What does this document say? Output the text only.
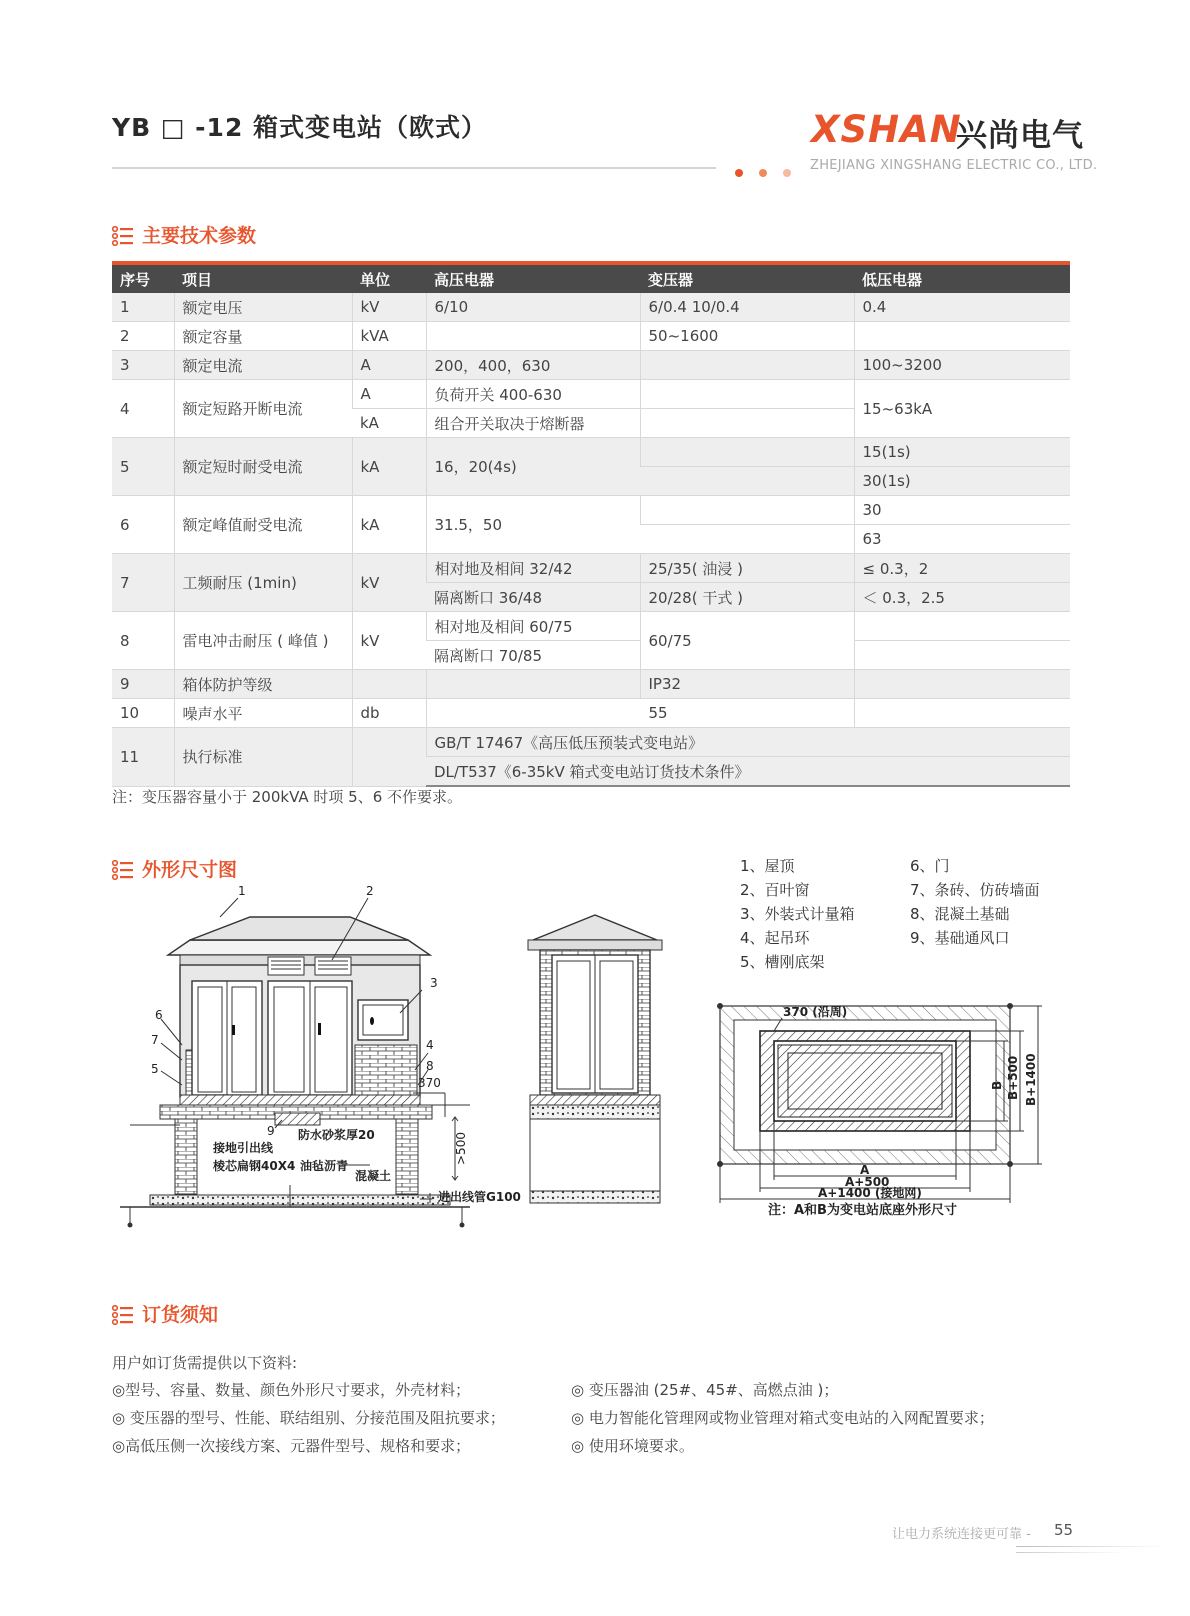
YB □ -12 箱式变电站（欧式）	XSHAN
兴尚电气
ZHEJIANG XINGSHANG ELECTRIC CO., LTD.
主要技术参数
序号	项目	单位	高压电器	变压器	低压电器
1	额定电压	kV	6/10	6/0.4 10/0.4	0.4
2	额定容量	kVA		50~1600	
3	额定电流	A	200，400，630		100~3200
4	额定短路开断电流	A	负荷开关 400-630		15~63kA
		kA	组合开关取决于熔断器		
5	额定短时耐受电流	kA	16，20(4s)		15(1s)
					30(1s)
6	额定峰值耐受电流	kA	31.5，50		30
					63
7	工频耐压 (1min)	kV	相对地及相间 32/42	25/35( 油浸 )	≤ 0.3，2
			隔离断口 36/48	20/28( 干式 )	＜ 0.3，2.5
8	雷电冲击耐压 ( 峰值 )	kV	相对地及相间 60/75	60/75	
			隔离断口 70/85		
9	箱体防护等级			IP32	
10	噪声水平	db	55		
11	执行标准		GB/T 17467《高压低压预装式变电站》		
			DL/T537《6-35kV 箱式变电站订货技术条件》		
注：变压器容量小于 200kVA 时项 5、6 不作要求。
外形尺寸图	1、屋顶
2、百叶窗
3、外装式计量箱
4、起吊环
5、槽刚底架
6、门
7、条砖、仿砖墙面
8、混凝土基础
9、基础通风口
1	2
3
4
5
6
7
8
9
370
>500
接地引出线
棱芯扁钢40X4
防水砂浆厚20
油毡沥青
混凝土
进出线管G100
370 (沿周)
B B+500 B+1400
A
A+500
A+1400 (接地网)
注：A和B为变电站底座外形尺寸
订货须知
用户如订货需提供以下资料:
◎型号、容量、数量、颜色外形尺寸要求，外壳材料；
◎ 变压器的型号、性能、联结组别、分接范围及阻抗要求；
◎高低压侧一次接线方案、元器件型号、规格和要求；
◎ 变压器油 (25#、45#、高燃点油 )；
◎ 电力智能化管理网或物业管理对箱式变电站的入网配置要求；
◎ 使用环境要求。
让电力系统连接更可靠 - 55
